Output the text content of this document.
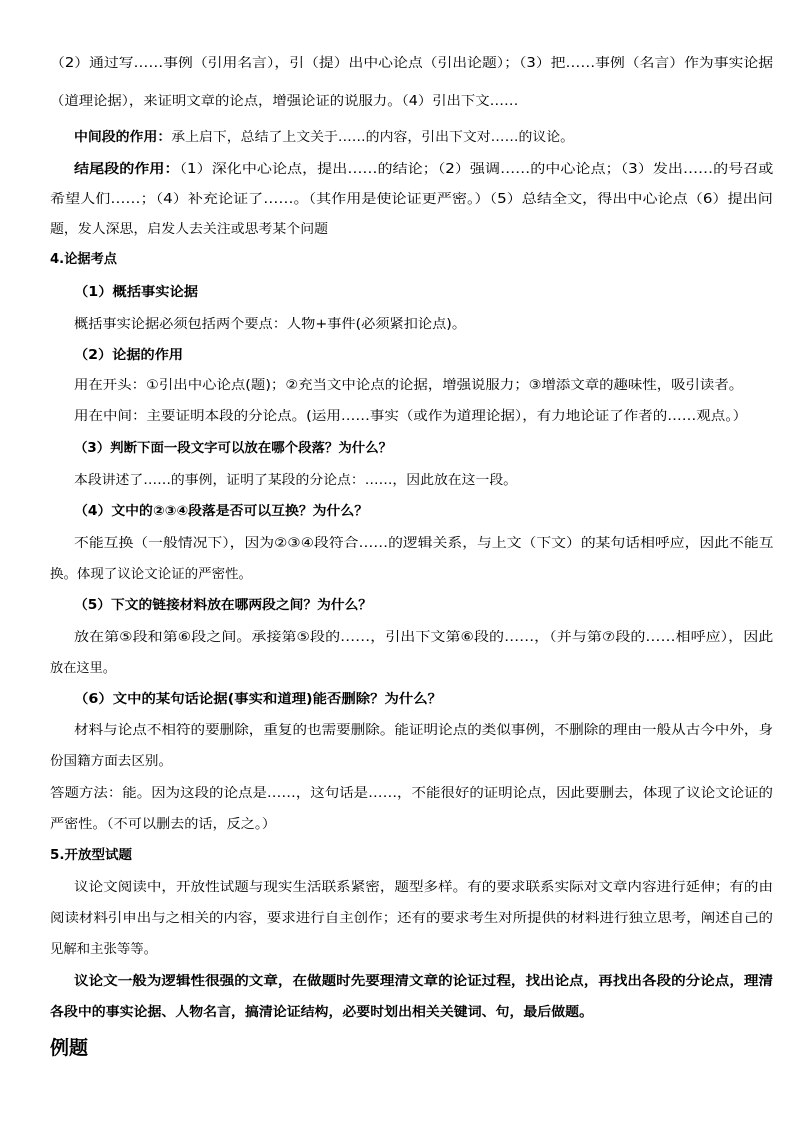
（2）通过写……事例（引用名言），引（提）出中心论点（引出论题）；（3）把……事例（名言）作为事实论据
（道理论据），来证明文章的论点，增强论证的说服力。（4）引出下文……
中间段的作用：承上启下，总结了上文关于……的内容，引出下文对……的议论。
结尾段的作用：（1）深化中心论点，提出……的结论；（2）强调……的中心论点；（3）发出……的号召或
希望人们……；（4）补充论证了……。（其作用是使论证更严密。）（5）总结全文，得出中心论点（6）提出问
题，发人深思，启发人去关注或思考某个问题
4.论据考点
（1）概括事实论据
概括事实论据必须包括两个要点：人物+事件(必须紧扣论点)。
（2）论据的作用
用在开头：①引出中心论点(题)；②充当文中论点的论据，增强说服力；③增添文章的趣味性，吸引读者。
用在中间：主要证明本段的分论点。(运用……事实（或作为道理论据），有力地论证了作者的……观点。）
（3）判断下面一段文字可以放在哪个段落？为什么？
本段讲述了……的事例，证明了某段的分论点：……，因此放在这一段。
（4）文中的②③④段落是否可以互换？为什么？
不能互换（一般情况下），因为②③④段符合……的逻辑关系，与上文（下文）的某句话相呼应，因此不能互
换。体现了议论文论证的严密性。
（5）下文的链接材料放在哪两段之间？为什么？
放在第⑤段和第⑥段之间。承接第⑤段的……，引出下文第⑥段的……，（并与第⑦段的……相呼应），因此
放在这里。
（6）文中的某句话论据(事实和道理)能否删除？为什么？
材料与论点不相符的要删除，重复的也需要删除。能证明论点的类似事例，不删除的理由一般从古今中外，身
份国籍方面去区别。
答题方法：能。因为这段的论点是……，这句话是……，不能很好的证明论点，因此要删去，体现了议论文论证的
严密性。（不可以删去的话，反之。）
5.开放型试题
议论文阅读中，开放性试题与现实生活联系紧密，题型多样。有的要求联系实际对文章内容进行延伸；有的由
阅读材料引申出与之相关的内容，要求进行自主创作；还有的要求考生对所提供的材料进行独立思考，阐述自己的
见解和主张等等。
议论文一般为逻辑性很强的文章，在做题时先要理清文章的论证过程，找出论点，再找出各段的分论点，理清
各段中的事实论据、人物名言，搞清论证结构，必要时划出相关关键词、句，最后做题。
例题
